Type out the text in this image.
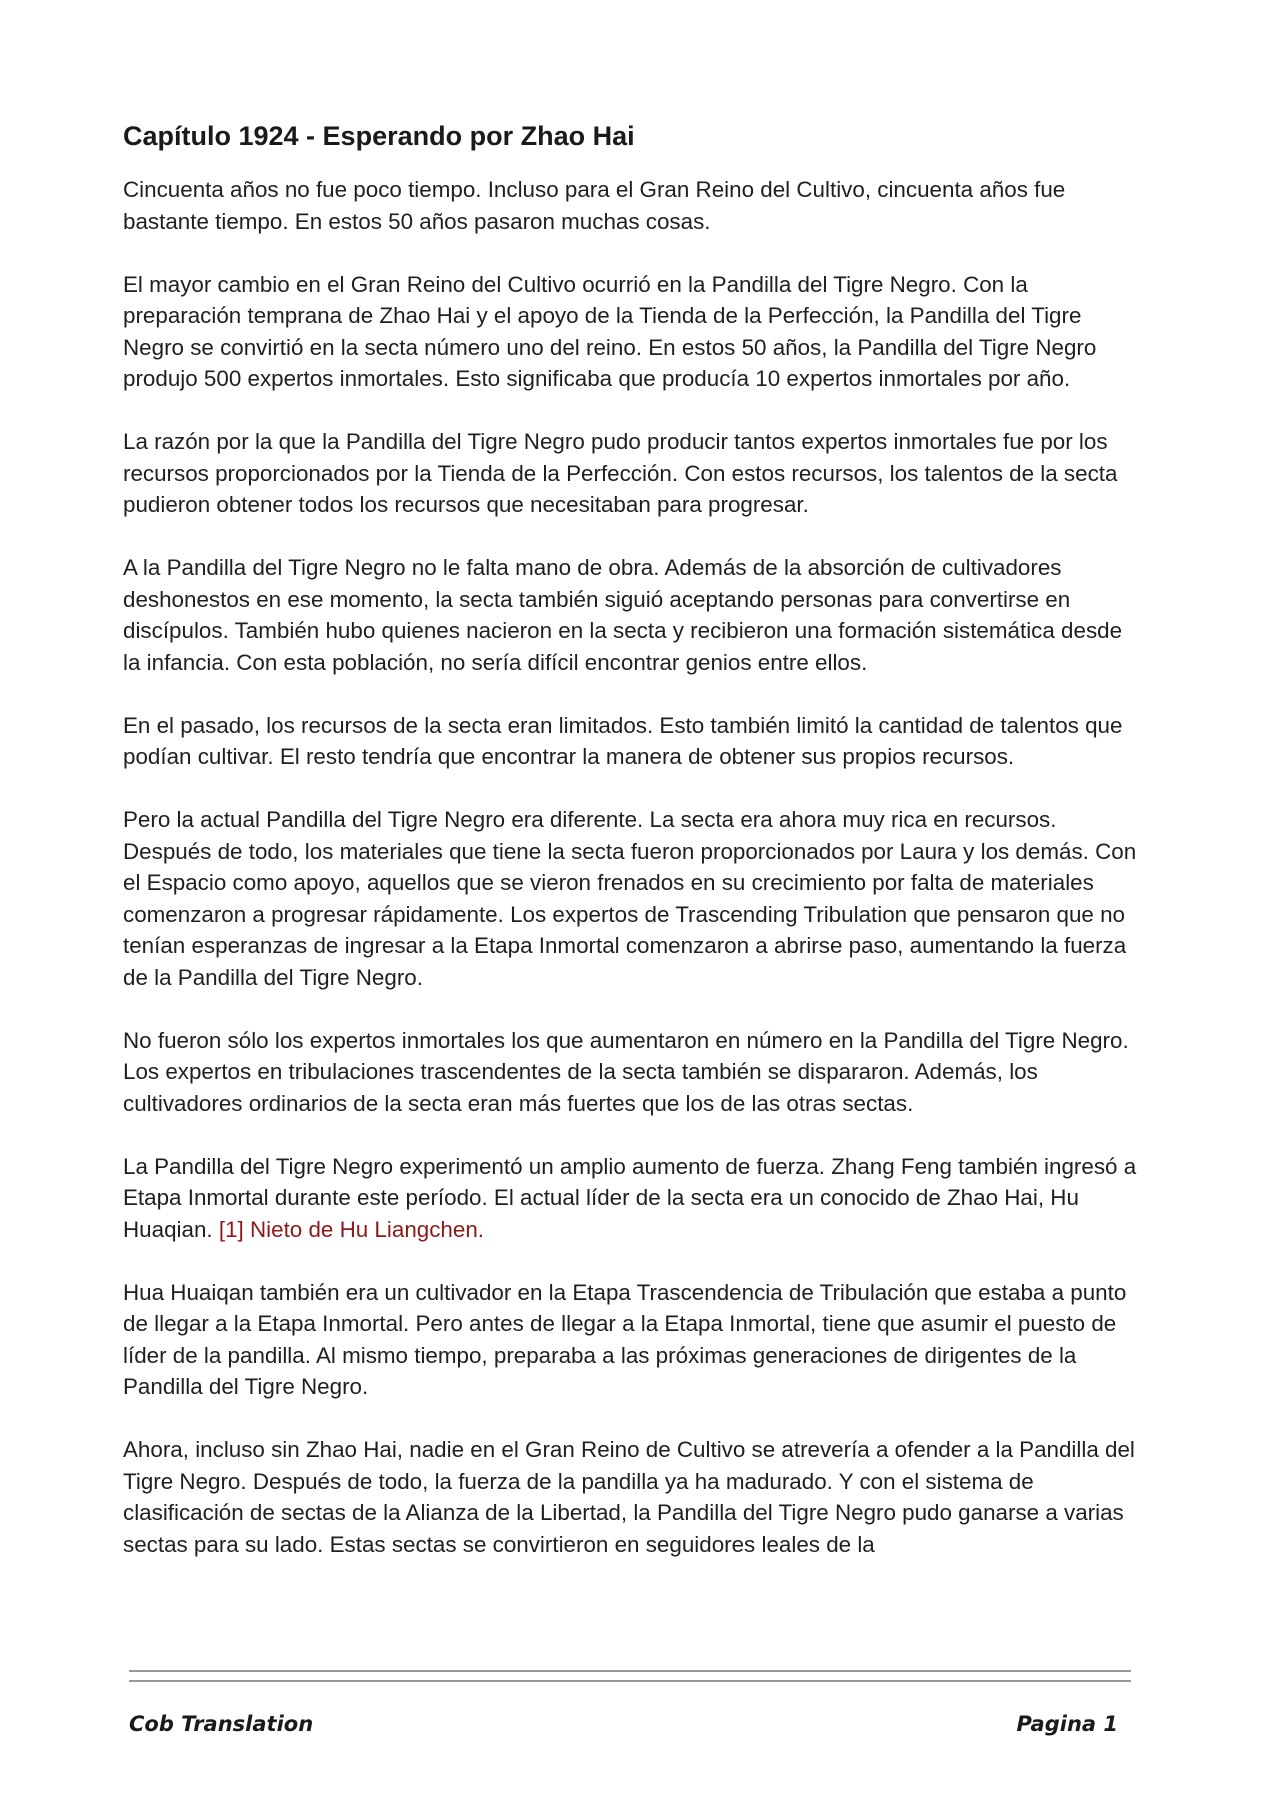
Capítulo 1924 - Esperando por Zhao Hai

Cincuenta años no fue poco tiempo. Incluso para el Gran Reino del Cultivo, cincuenta años fue bastante tiempo. En estos 50 años pasaron muchas cosas.

El mayor cambio en el Gran Reino del Cultivo ocurrió en la Pandilla del Tigre Negro. Con la preparación temprana de Zhao Hai y el apoyo de la Tienda de la Perfección, la Pandilla del Tigre Negro se convirtió en la secta número uno del reino. En estos 50 años, la Pandilla del Tigre Negro produjo 500 expertos inmortales. Esto significaba que producía 10 expertos inmortales por año.

La razón por la que la Pandilla del Tigre Negro pudo producir tantos expertos inmortales fue por los recursos proporcionados por la Tienda de la Perfección. Con estos recursos, los talentos de la secta pudieron obtener todos los recursos que necesitaban para progresar.

A la Pandilla del Tigre Negro no le falta mano de obra. Además de la absorción de cultivadores deshonestos en ese momento, la secta también siguió aceptando personas para convertirse en discípulos. También hubo quienes nacieron en la secta y recibieron una formación sistemática desde la infancia. Con esta población, no sería difícil encontrar genios entre ellos.

En el pasado, los recursos de la secta eran limitados. Esto también limitó la cantidad de talentos que podían cultivar. El resto tendría que encontrar la manera de obtener sus propios recursos.

Pero la actual Pandilla del Tigre Negro era diferente. La secta era ahora muy rica en recursos. Después de todo, los materiales que tiene la secta fueron proporcionados por Laura y los demás. Con el Espacio como apoyo, aquellos que se vieron frenados en su crecimiento por falta de materiales comenzaron a progresar rápidamente. Los expertos de Trascending Tribulation que pensaron que no tenían esperanzas de ingresar a la Etapa Inmortal comenzaron a abrirse paso, aumentando la fuerza de la Pandilla del Tigre Negro.

No fueron sólo los expertos inmortales los que aumentaron en número en la Pandilla del Tigre Negro. Los expertos en tribulaciones trascendentes de la secta también se dispararon. Además, los cultivadores ordinarios de la secta eran más fuertes que los de las otras sectas.

La Pandilla del Tigre Negro experimentó un amplio aumento de fuerza. Zhang Feng también ingresó a Etapa Inmortal durante este período. El actual líder de la secta era un conocido de Zhao Hai, Hu Huaqian. [1] Nieto de Hu Liangchen.

Hua Huaiqan también era un cultivador en la Etapa Trascendencia de Tribulación que estaba a punto de llegar a la Etapa Inmortal. Pero antes de llegar a la Etapa Inmortal, tiene que asumir el puesto de líder de la pandilla. Al mismo tiempo, preparaba a las próximas generaciones de dirigentes de la Pandilla del Tigre Negro.

Ahora, incluso sin Zhao Hai, nadie en el Gran Reino de Cultivo se atrevería a ofender a la Pandilla del Tigre Negro. Después de todo, la fuerza de la pandilla ya ha madurado. Y con el sistema de clasificación de sectas de la Alianza de la Libertad, la Pandilla del Tigre Negro pudo ganarse a varias sectas para su lado. Estas sectas se convirtieron en seguidores leales de la

Cob Translation	Pagina 1
